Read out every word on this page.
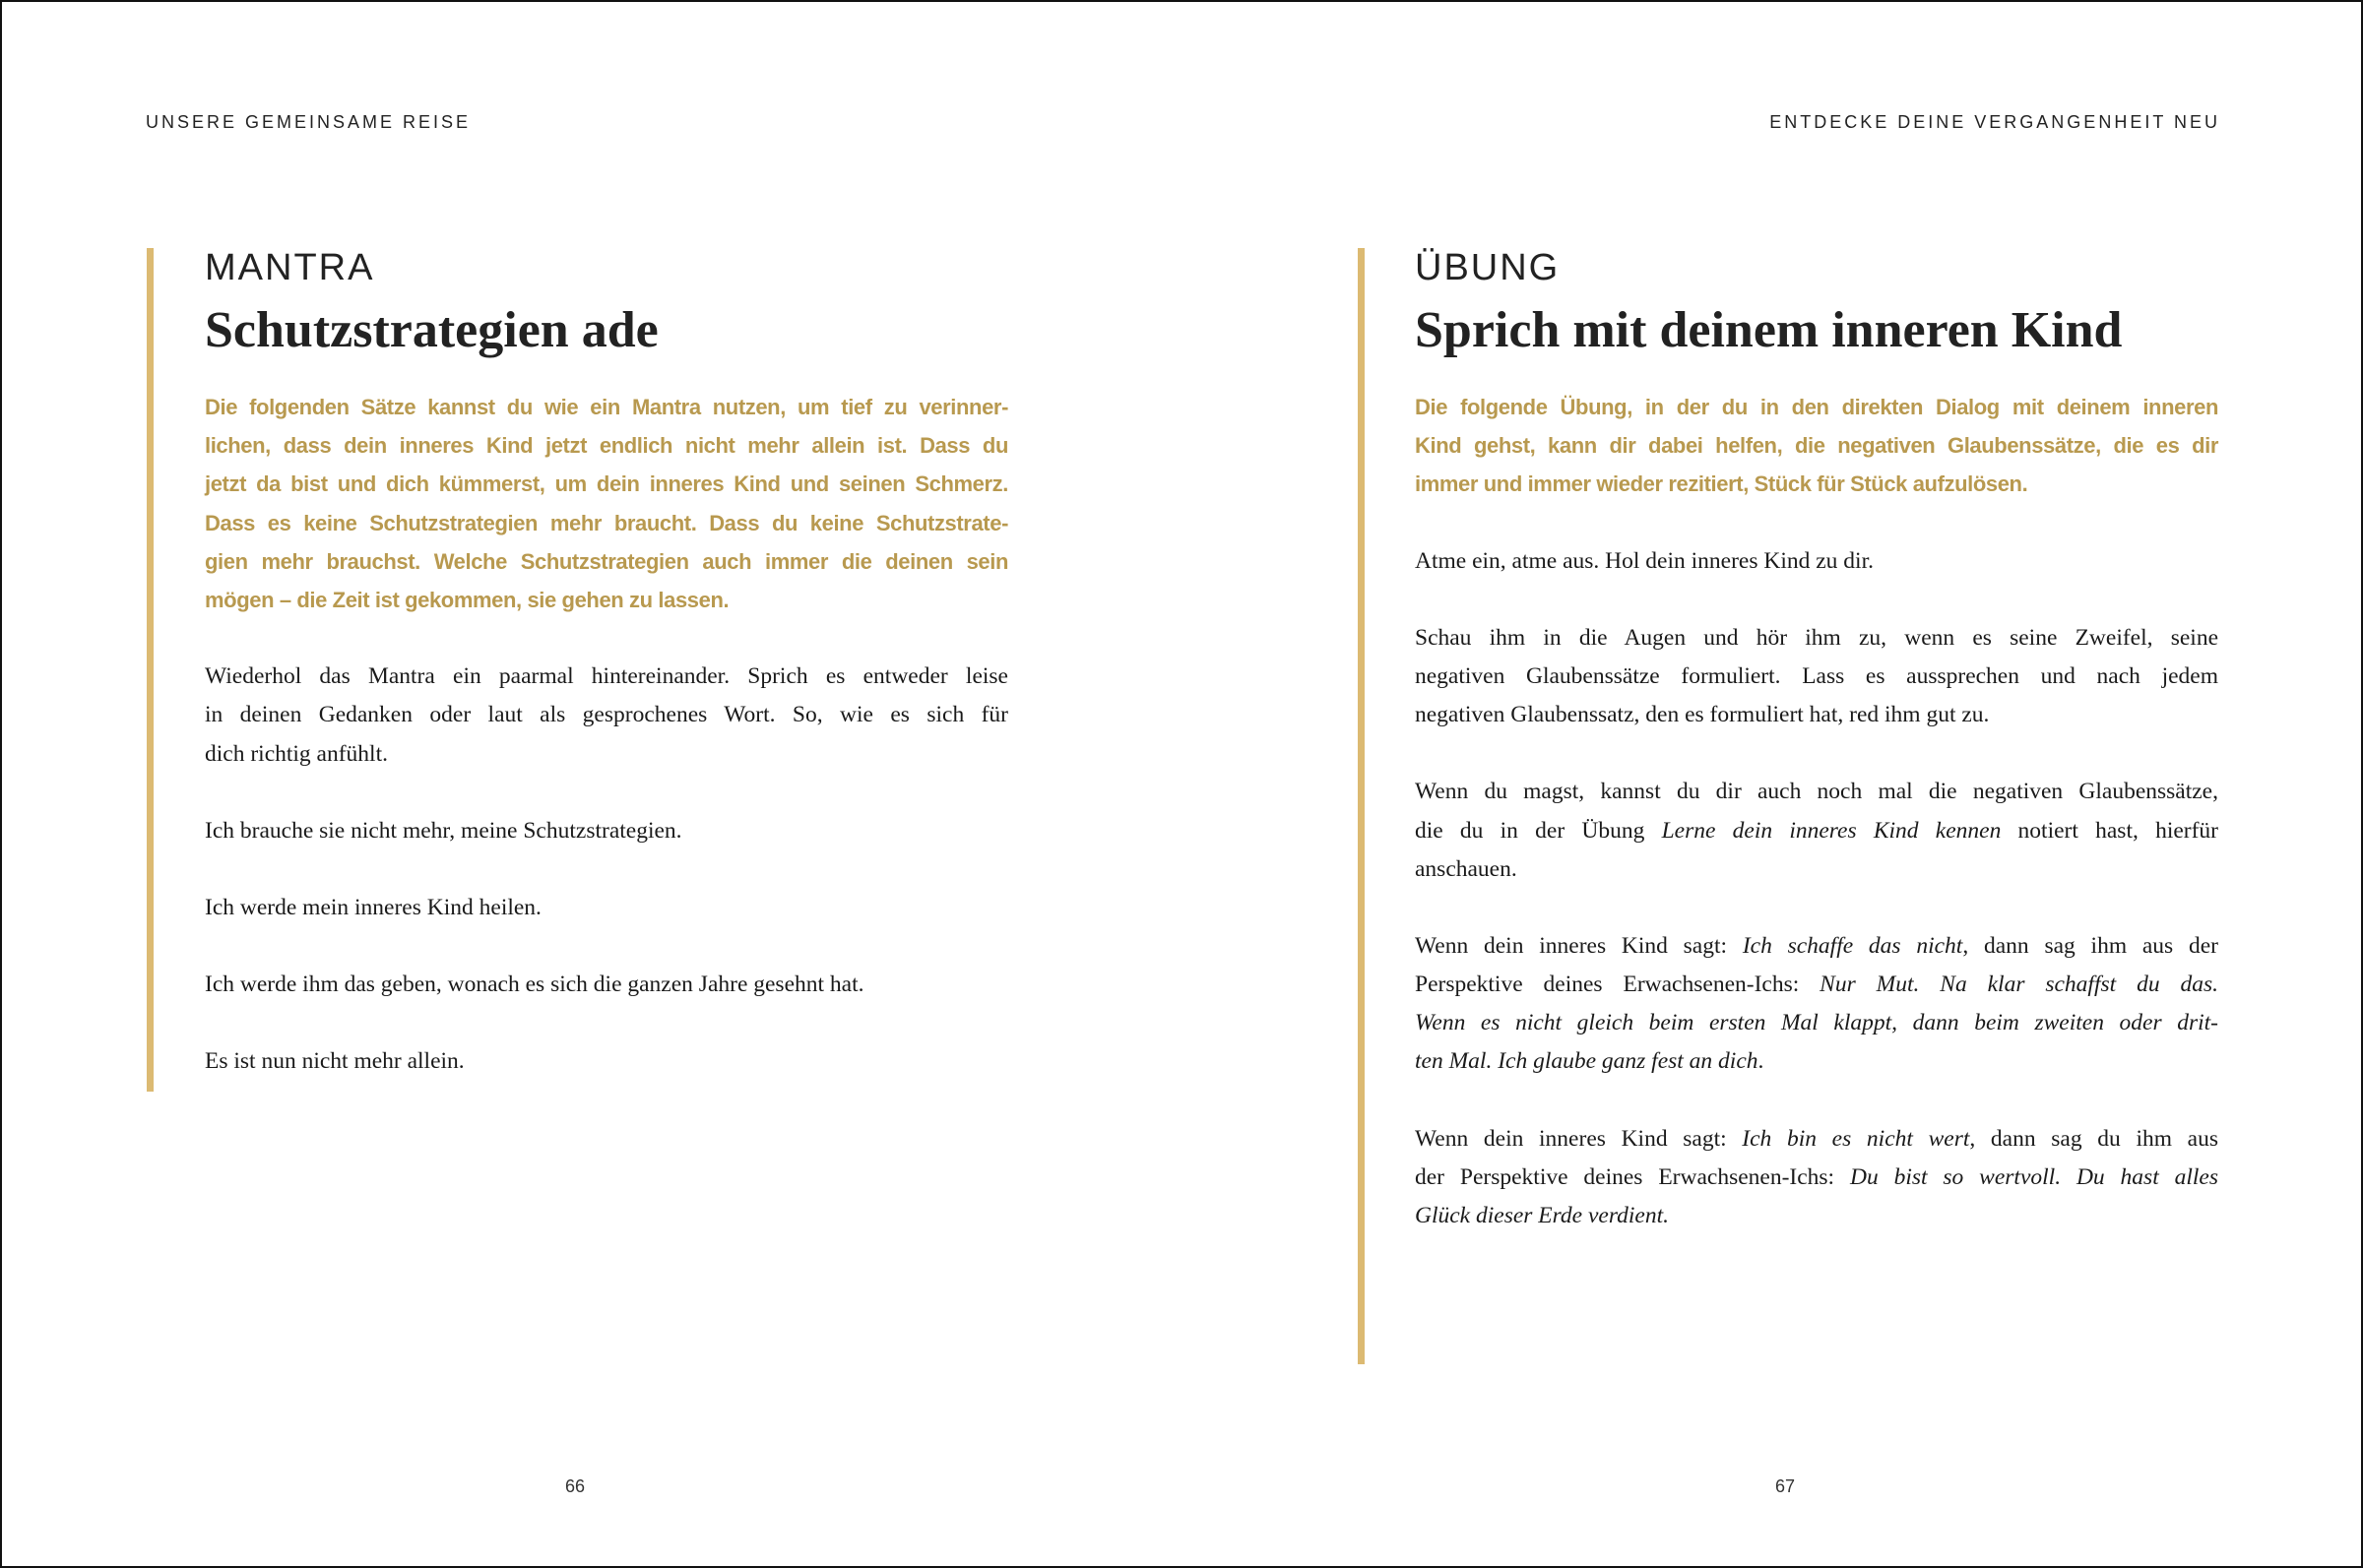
UNSERE GEMEINSAME REISE	ENTDECKE DEINE VERGANGENHEIT NEU
MANTRA
Schutzstrategien ade
Die folgenden Sätze kannst du wie ein Mantra nutzen, um tief zu verinner-
lichen, dass dein inneres Kind jetzt endlich nicht mehr allein ist. Dass du
jetzt da bist und dich kümmerst, um dein inneres Kind und seinen Schmerz.
Dass es keine Schutzstrategien mehr braucht. Dass du keine Schutzstrate-
gien mehr brauchst. Welche Schutzstrategien auch immer die deinen sein
mögen – die Zeit ist gekommen, sie gehen zu lassen.
Wiederhol das Mantra ein paarmal hintereinander. Sprich es entweder leise
in deinen Gedanken oder laut als gesprochenes Wort. So, wie es sich für
dich richtig anfühlt.
Ich brauche sie nicht mehr, meine Schutzstrategien.
Ich werde mein inneres Kind heilen.
Ich werde ihm das geben, wonach es sich die ganzen Jahre gesehnt hat.
Es ist nun nicht mehr allein.
ÜBUNG
Sprich mit deinem inneren Kind
Die folgende Übung, in der du in den direkten Dialog mit deinem inneren
Kind gehst, kann dir dabei helfen, die negativen Glaubenssätze, die es dir
immer und immer wieder rezitiert, Stück für Stück aufzulösen.
Atme ein, atme aus. Hol dein inneres Kind zu dir.
Schau ihm in die Augen und hör ihm zu, wenn es seine Zweifel, seine
negativen Glaubenssätze formuliert. Lass es aussprechen und nach jedem
negativen Glaubenssatz, den es formuliert hat, red ihm gut zu.
Wenn du magst, kannst du dir auch noch mal die negativen Glaubenssätze,
die du in der Übung Lerne dein inneres Kind kennen notiert hast, hierfür
anschauen.
Wenn dein inneres Kind sagt: Ich schaffe das nicht, dann sag ihm aus der
Perspektive deines Erwachsenen-Ichs: Nur Mut. Na klar schaffst du das.
Wenn es nicht gleich beim ersten Mal klappt, dann beim zweiten oder drit-
ten Mal. Ich glaube ganz fest an dich.
Wenn dein inneres Kind sagt: Ich bin es nicht wert, dann sag du ihm aus
der Perspektive deines Erwachsenen-Ichs: Du bist so wertvoll. Du hast alles
Glück dieser Erde verdient.
66	67
